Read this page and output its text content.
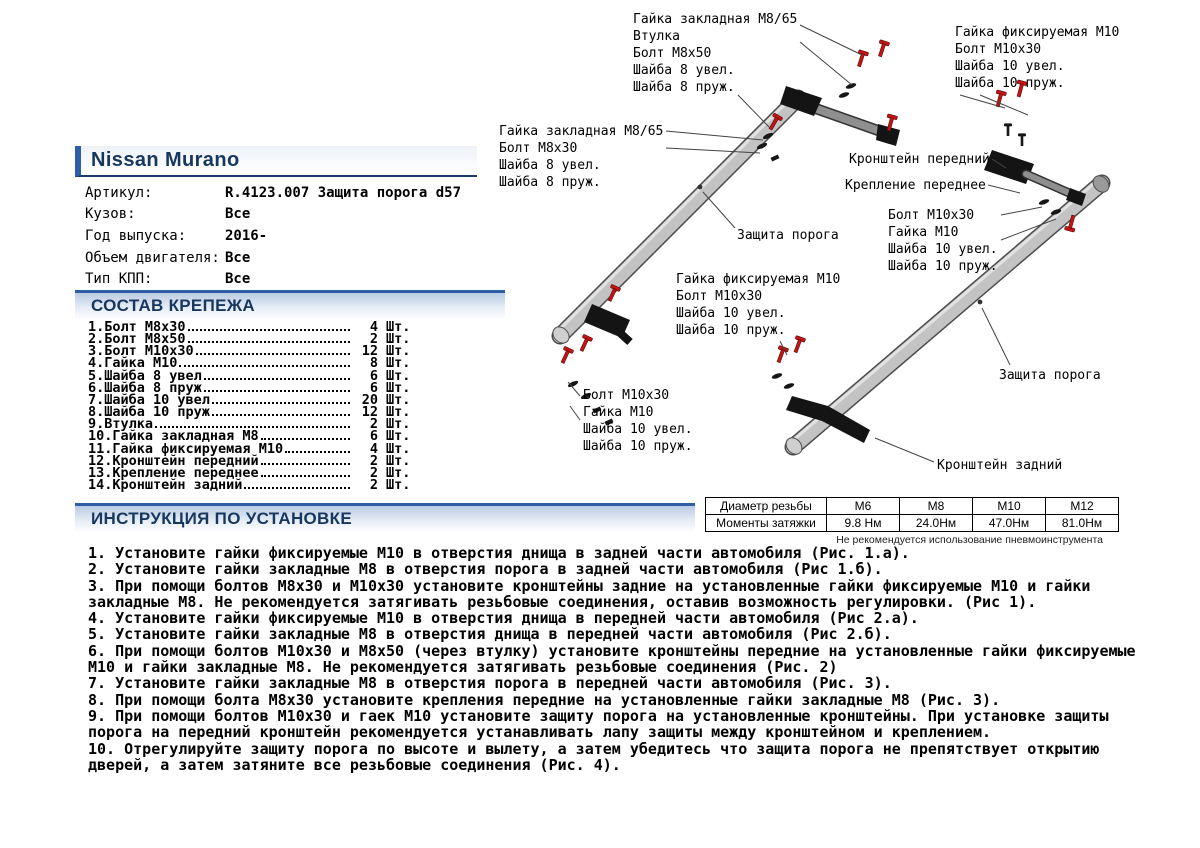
Гайка закладная М8/65
Втулка
Болт М8х50
Шайба 8 увел.
Шайба 8 пруж.
Гайка фиксируемая М10
Болт М10х30
Шайба 10 увел.
Шайба 10 пруж.
Гайка закладная М8/65
Болт М8х30
Шайба 8 увел.
Шайба 8 пруж.
Кронштейн передний
Крепление переднее
Болт М10х30
Гайка М10
Шайба 10 увел.
Шайба 10 пруж.
Защита порога
Гайка фиксируемая М10
Болт М10х30
Шайба 10 увел.
Шайба 10 пруж.
Защита порога
Болт М10х30
Гайка М10
Шайба 10 увел.
Шайба 10 пруж.
Кронштейн задний
Nissan Murano
Артикул:	R.4123.007 Защита порога d57
Кузов:	Все
Год выпуска:	2016-
Объем двигателя: Все
Тип КПП:	Все
СОСТАВ КРЕПЕЖА
1. Болт М8х30	4 Шт.
2. Болт М8х50	2 Шт.
3. Болт М10х30	12 Шт.
4. Гайка М10	8 Шт.
5. Шайба 8 увел	6 Шт.
6. Шайба 8 пруж	6 Шт.
7. Шайба 10 увел	20 Шт.
8. Шайба 10 пруж	12 Шт.
9. Втулка	2 Шт.
10. Гайка закладная М8	6 Шт.
11. Гайка фиксируемая М10	4 Шт.
12. Кронштейн передний	2 Шт.
13. Крепление переднее	2 Шт.
14. Кронштейн задний	2 Шт.
ИНСТРУКЦИЯ ПО УСТАНОВКЕ
Диаметр резьбы	М6	М8	М10	М12
Моменты затяжки	9.8 Нм	24.0Нм	47.0Нм	81.0Нм
Не рекомендуется использование пневмоинструмента
1. Установите гайки фиксируемые М10 в отверстия днища в задней части автомобиля (Рис. 1.а).
2. Установите гайки закладные М8 в отверстия порога в задней части автомобиля (Рис 1.б).
3. При помощи болтов М8х30 и М10х30 установите кронштейны задние на установленные гайки фиксируемые М10 и гайки закладные М8. Не рекомендуется затягивать резьбовые соединения, оставив возможность регулировки. (Рис 1).
4. Установите гайки фиксируемые М10 в отверстия днища в передней части автомобиля (Рис 2.а).
5. Установите гайки закладные М8 в отверстия днища в передней части автомобиля (Рис 2.б).
6. При помощи болтов М10х30 и М8х50 (через втулку) установите кронштейны передние на установленные гайки фиксируемые М10 и гайки закладные М8. Не рекомендуется затягивать резьбовые соединения (Рис. 2)
7. Установите гайки закладные М8 в отверстия порога в передней части автомобиля (Рис. 3).
8. При помощи болта М8х30 установите крепления передние на установленные гайки закладные М8 (Рис. 3).
9. При помощи болтов М10х30 и гаек М10 установите защиту порога на установленные кронштейны. При установке защиты порога на передний кронштейн рекомендуется устанавливать лапу защиты между кронштейном и креплением.
10. Отрегулируйте защиту порога по высоте и вылету, а затем убедитесь что защита порога не препятствует открытию дверей, а затем затяните все резьбовые соединения (Рис. 4).
